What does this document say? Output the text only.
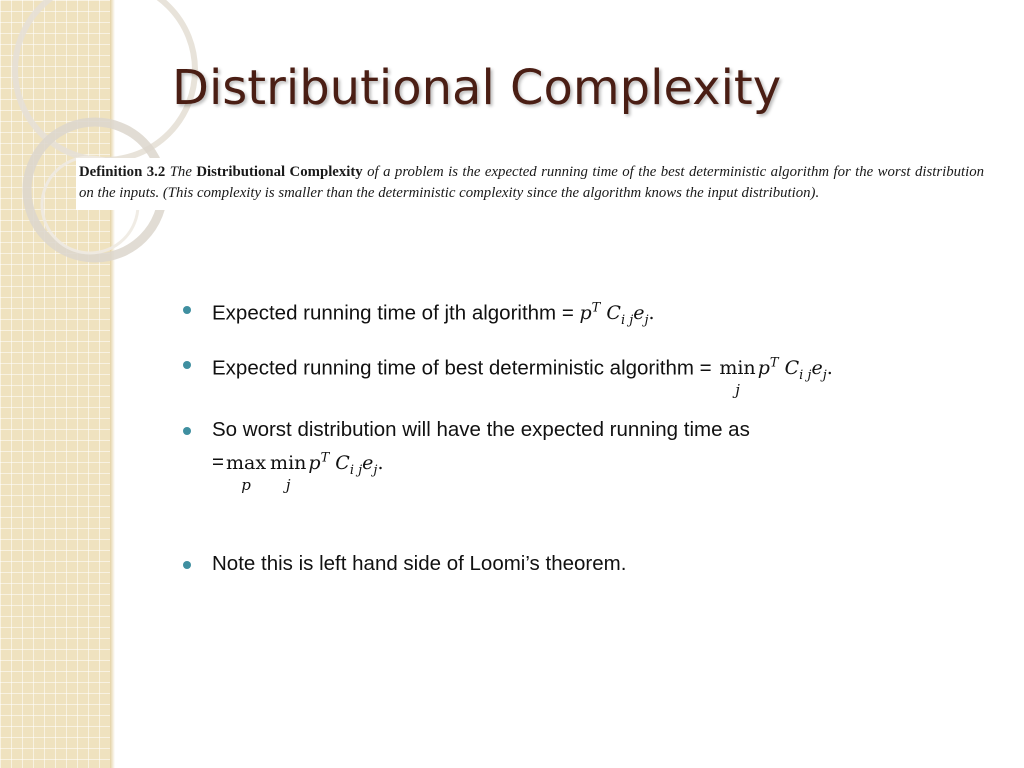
Distributional Complexity
Definition 3.2 The Distributional Complexity of a problem is the expected running time of the best deterministic algorithm for the worst distribution on the inputs. (This complexity is smaller than the deterministic complexity since the algorithm knows the input distribution).
Expected running time of jth algorithm = $p^T$ $C_{i j}e_j$.
Expected running time of best deterministic algorithm = min
j
$p^T$ $C_{i j}e_j$.
So worst distribution will have the expected running time as
= max
p
min
j
$p^T$ $C_{i j}e_j$.
Note this is left hand side of Loomi’s theorem.
